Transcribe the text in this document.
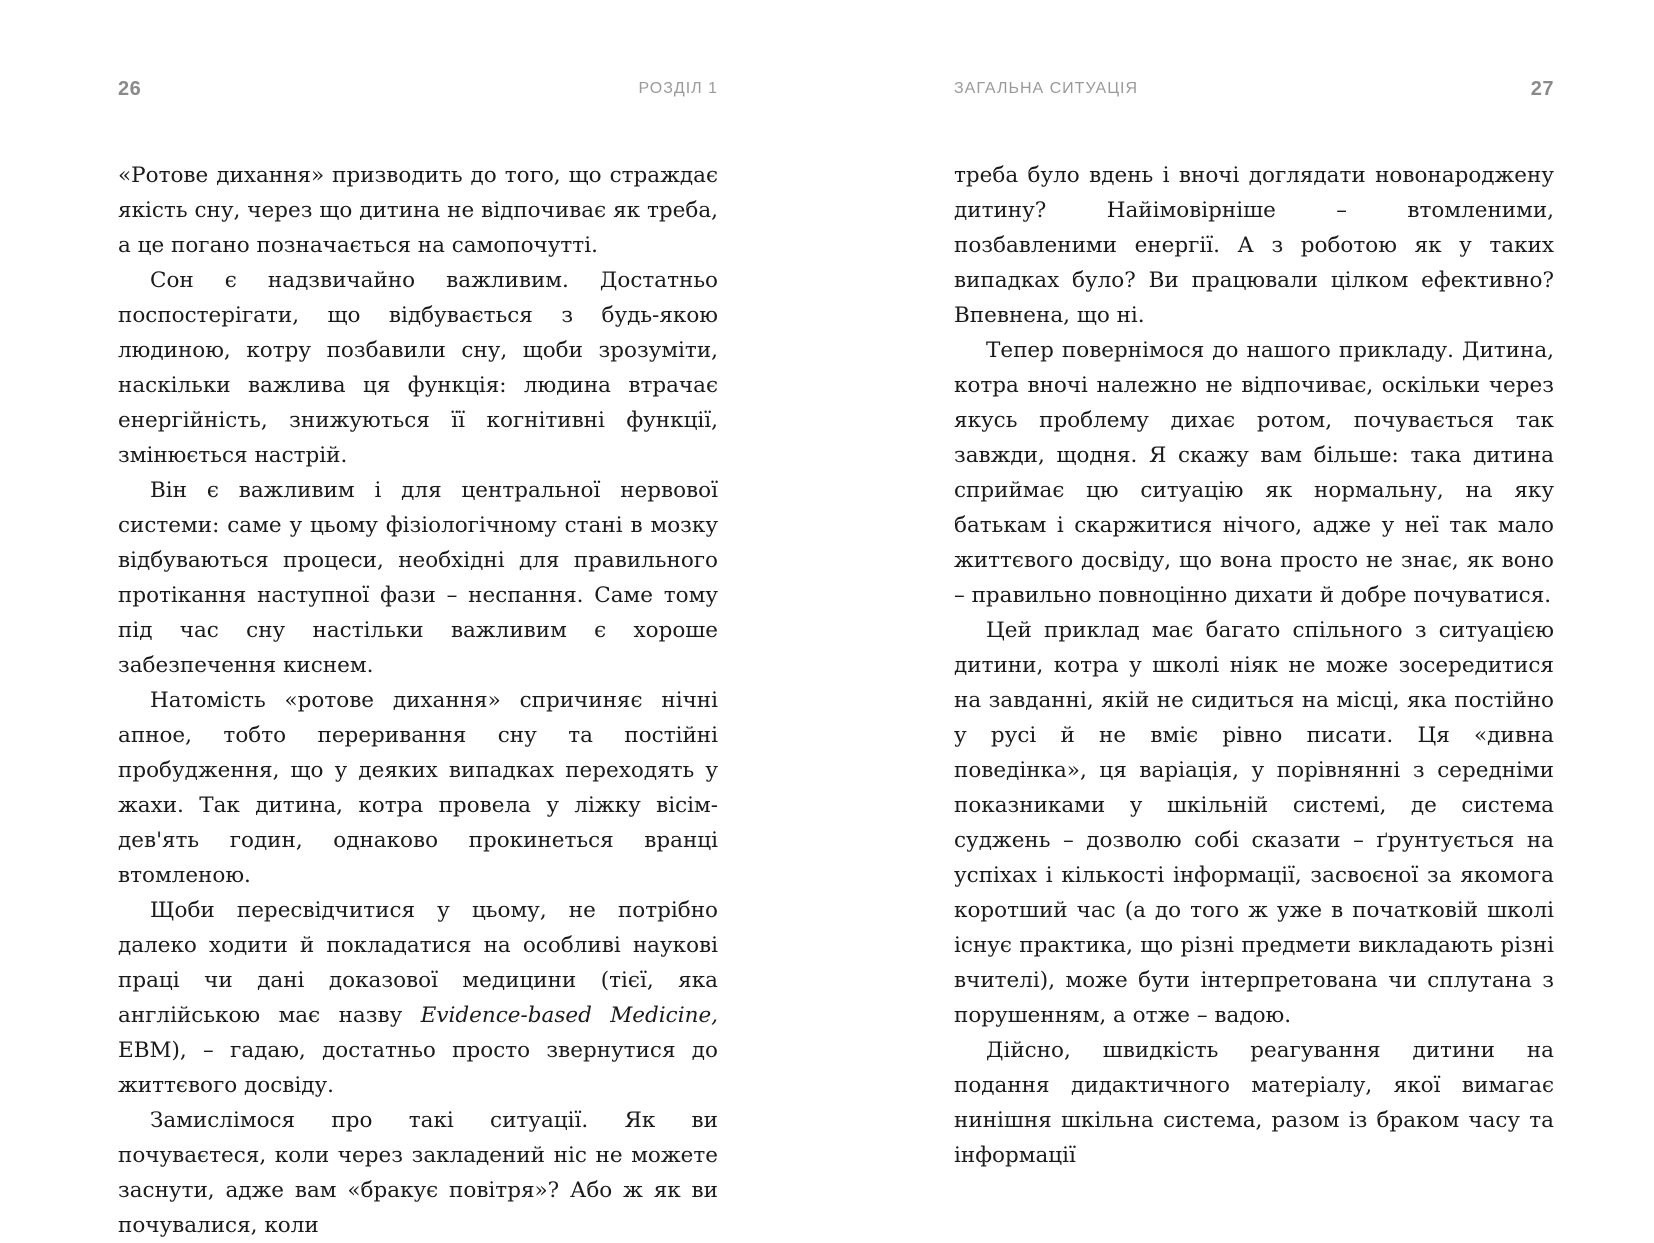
26	РОЗДІЛ 1

«Ротове дихання» призводить до того, що страждає якість сну, через що дитина не відпочиває як треба, а це погано позначається на самопочутті.

Сон є надзвичайно важливим. Достатньо поспостерігати, що відбувається з будь-якою людиною, котру позбавили сну, щоби зрозуміти, наскільки важлива ця функція: людина втрачає енергійність, знижуються її когнітивні функції, змінюється настрій.

Він є важливим і для центральної нервової системи: саме у цьому фізіологічному стані в мозку відбуваються процеси, необхідні для правильного протікання наступної фази – неспання. Саме тому під час сну настільки важливим є хороше забезпечення киснем.

Натомість «ротове дихання» спричиняє нічні апное, тобто переривання сну та постійні пробудження, що у деяких випадках переходять у жахи. Так дитина, котра провела у ліжку вісім-дев'ять годин, однаково прокинеться вранці втомленою.

Щоби пересвідчитися у цьому, не потрібно далеко ходити й покладатися на особливі наукові праці чи дані доказової медицини (тієї, яка англійською має назву Evidence-based Medicine, EBM), – гадаю, достатньо просто звернутися до життєвого досвіду.

Замислімося про такі ситуації. Як ви почуваєтеся, коли через закладений ніс не можете заснути, адже вам «бракує повітря»? Або ж як ви почувалися, коли

ЗАГАЛЬНА СИТУАЦІЯ	27

треба було вдень і вночі доглядати новонароджену дитину? Найімовірніше – втомленими, позбавленими енергії. А з роботою як у таких випадках було? Ви працювали цілком ефективно? Впевнена, що ні.

Тепер повернімося до нашого прикладу. Дитина, котра вночі належно не відпочиває, оскільки через якусь проблему дихає ротом, почувається так завжди, щодня. Я скажу вам більше: така дитина сприймає цю ситуацію як нормальну, на яку батькам і скаржитися нічого, адже у неї так мало життєвого досвіду, що вона просто не знає, як воно – правильно повноцінно дихати й добре почуватися.

Цей приклад має багато спільного з ситуацією дитини, котра у школі ніяк не може зосередитися на завданні, якій не сидиться на місці, яка постійно у русі й не вміє рівно писати. Ця «дивна поведінка», ця варіація, у порівнянні з середніми показниками у шкільній системі, де система суджень – дозволю собі сказати – ґрунтується на успіхах і кількості інформації, засвоєної за якомога коротший час (а до того ж уже в початковій школі існує практика, що різні предмети викладають різні вчителі), може бути інтерпретована чи сплутана з порушенням, а отже – вадою.

Дійсно, швидкість реагування дитини на подання дидактичного матеріалу, якої вимагає нинішня шкільна система, разом із браком часу та інформації
